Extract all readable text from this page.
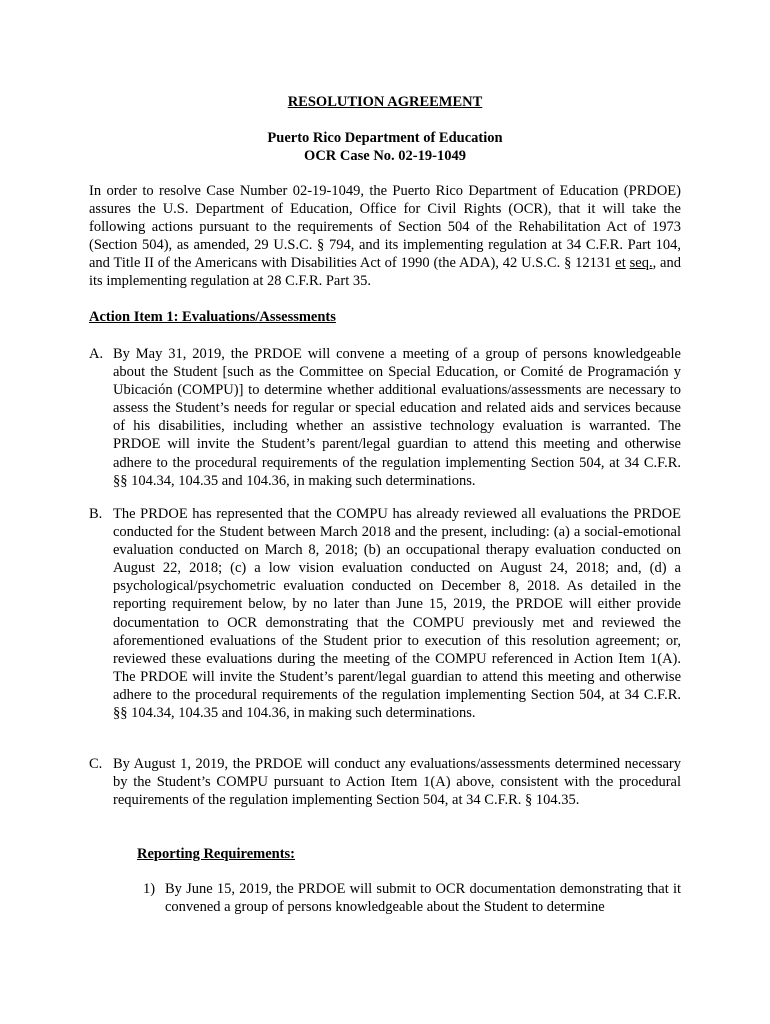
RESOLUTION AGREEMENT
Puerto Rico Department of Education
OCR Case No. 02-19-1049

In order to resolve Case Number 02-19-1049, the Puerto Rico Department of Education (PRDOE) assures the U.S. Department of Education, Office for Civil Rights (OCR), that it will take the following actions pursuant to the requirements of Section 504 of the Rehabilitation Act of 1973 (Section 504), as amended, 29 U.S.C. § 794, and its implementing regulation at 34 C.F.R. Part 104, and Title II of the Americans with Disabilities Act of 1990 (the ADA), 42 U.S.C. § 12131 et seq., and its implementing regulation at 28 C.F.R. Part 35.

Action Item 1: Evaluations/Assessments
A. By May 31, 2019, the PRDOE will convene a meeting of a group of persons knowledgeable about the Student [such as the Committee on Special Education, or Comité de Programación y Ubicación (COMPU)] to determine whether additional evaluations/assessments are necessary to assess the Student’s needs for regular or special education and related aids and services because of his disabilities, including whether an assistive technology evaluation is warranted. The PRDOE will invite the Student’s parent/legal guardian to attend this meeting and otherwise adhere to the procedural requirements of the regulation implementing Section 504, at 34 C.F.R. §§ 104.34, 104.35 and 104.36, in making such determinations.
B. The PRDOE has represented that the COMPU has already reviewed all evaluations the PRDOE conducted for the Student between March 2018 and the present, including: (a) a social-emotional evaluation conducted on March 8, 2018; (b) an occupational therapy evaluation conducted on August 22, 2018; (c) a low vision evaluation conducted on August 24, 2018; and, (d) a psychological/psychometric evaluation conducted on December 8, 2018. As detailed in the reporting requirement below, by no later than June 15, 2019, the PRDOE will either provide documentation to OCR demonstrating that the COMPU previously met and reviewed the aforementioned evaluations of the Student prior to execution of this resolution agreement; or, reviewed these evaluations during the meeting of the COMPU referenced in Action Item 1(A). The PRDOE will invite the Student’s parent/legal guardian to attend this meeting and otherwise adhere to the procedural requirements of the regulation implementing Section 504, at 34 C.F.R. §§ 104.34, 104.35 and 104.36, in making such determinations.
C. By August 1, 2019, the PRDOE will conduct any evaluations/assessments determined necessary by the Student’s COMPU pursuant to Action Item 1(A) above, consistent with the procedural requirements of the regulation implementing Section 504, at 34 C.F.R. § 104.35.
Reporting Requirements:
1) By June 15, 2019, the PRDOE will submit to OCR documentation demonstrating that it convened a group of persons knowledgeable about the Student to determine
